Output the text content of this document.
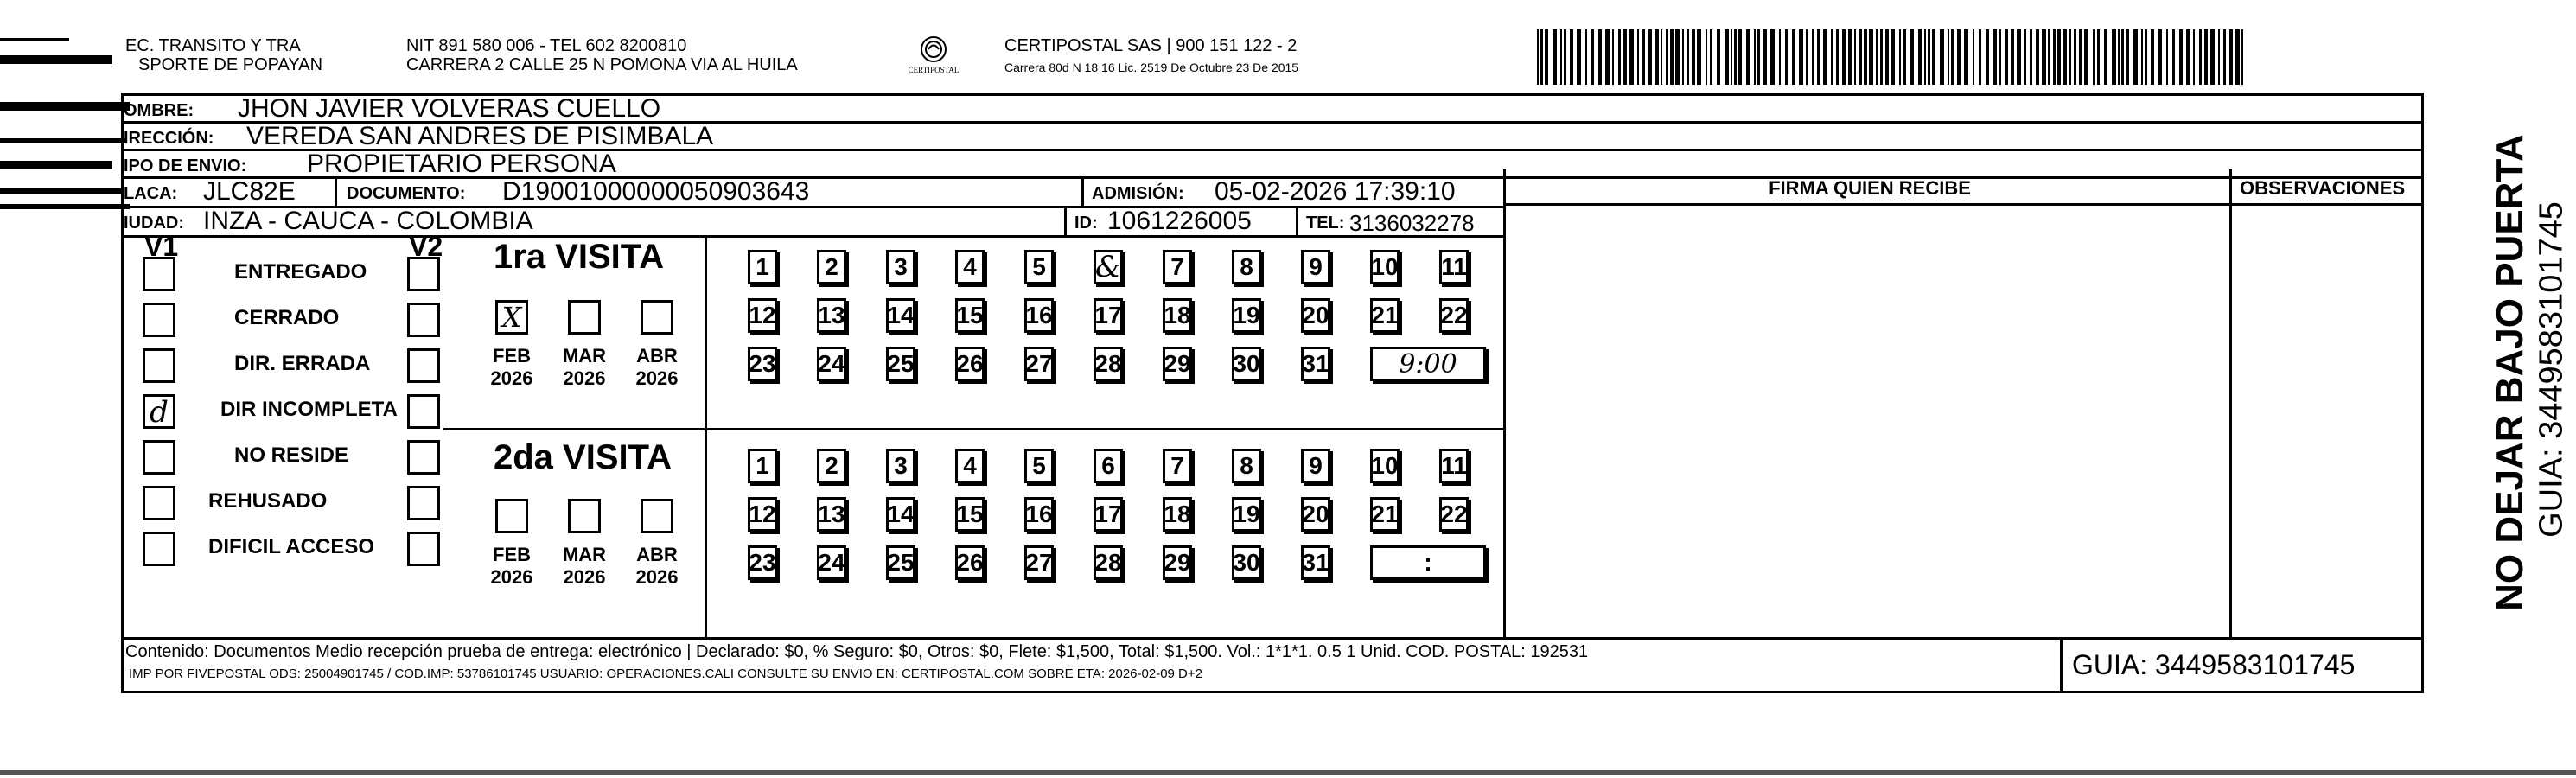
EC. TRANSITO Y TRA
SPORTE DE POPAYAN
NIT 891 580 006 - TEL 602 8200810
CARRERA 2 CALLE 25 N POMONA VIA AL HUILA	CERTIPOSTAL
CERTIPOSTAL SAS | 900 151 122 - 2
Carrera 80d N 18 16 Lic. 2519 De Octubre 23 De 2015
OMBRE: JHON JAVIER VOLVERAS CUELLO
IRECCIÓN: VEREDA SAN ANDRES DE PISIMBALA
IPO DE ENVIO: PROPIETARIO PERSONA
LACA: JLC82E	DOCUMENTO: D19001000000050903643	ADMISIÓN: 05-02-2026 17:39:10
IUDAD: INZA - CAUCA - COLOMBIA	ID: 1061226005	TEL: 3136032278
FIRMA QUIEN RECIBE	OBSERVACIONES
V1	V2
ENTREGADO
CERRADO
DIR. ERRADA
d	DIR INCOMPLETA
NO RESIDE
REHUSADO
DIFICIL ACCESO
1ra VISITA
2da VISITA
X
FEB
2026
MAR
2026
ABR
2026
FEB
2026
MAR
2026
ABR
2026
1	2	3	4	5 &	7	8	9	10 11
12 13 14 15 16 17 18 19 20 21 22
23 24 25 26 27 28 29 30 31	9:00
1	2	3	4	5	6	7	8	9	10 11
12 13 14 15 16 17 18 19 20 21 22
23 24 25 26 27 28 29 30 31	:
Contenido: Documentos Medio recepción prueba de entrega: electrónico | Declarado: $0, % Seguro: $0, Otros: $0, Flete: $1,500, Total: $1,500. Vol.: 1*1*1. 0.5 1 Unid. COD. POSTAL: 192531
IMP POR FIVEPOSTAL ODS: 25004901745 / COD.IMP: 53786101745 USUARIO: OPERACIONES.CALI CONSULTE SU ENVIO EN: CERTIPOSTAL.COM SOBRE ETA: 2026-02-09 D+2	GUIA: 3449583101745
NO DEJAR BAJO PUERTA GUIA: 3449583101745
